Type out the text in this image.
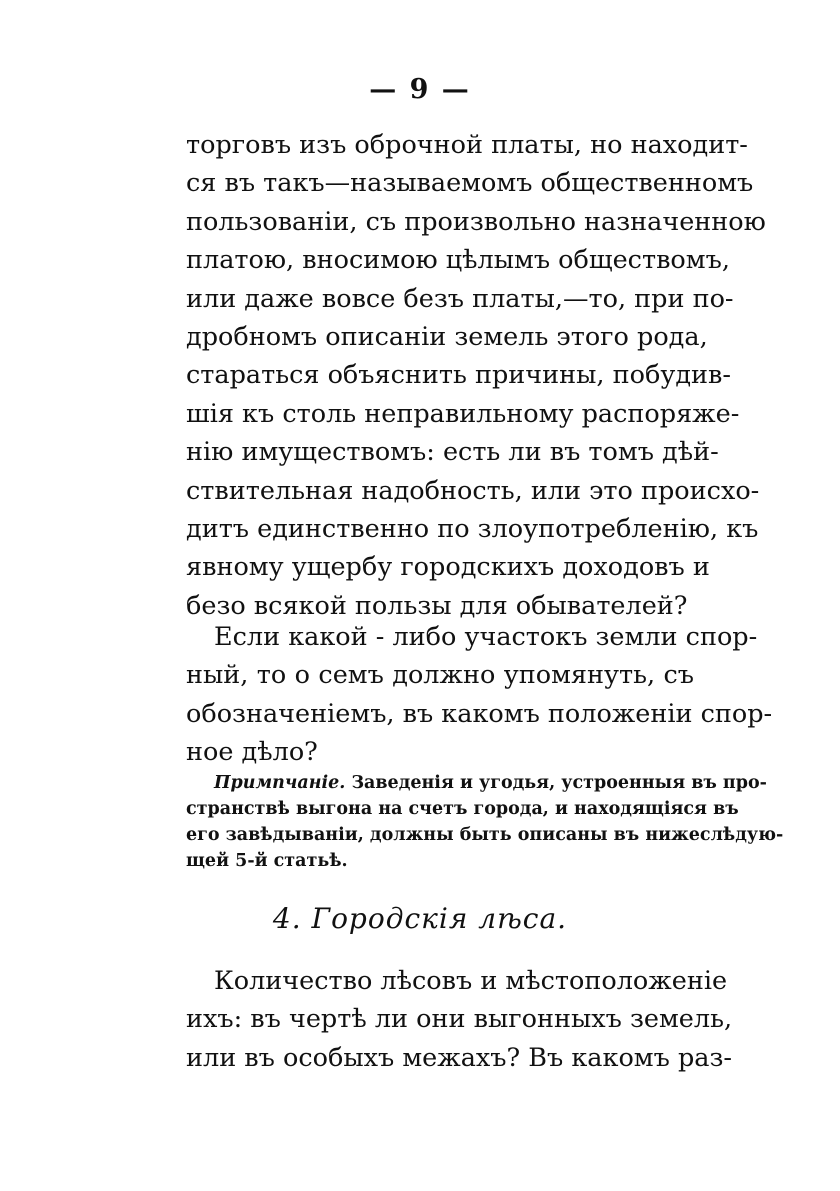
— 9 —
торговъ изъ оброчной платы, но находит-
ся въ такъ—называемомъ общественномъ
пользованіи, съ произвольно назначенною
платою, вносимою цѣлымъ обществомъ,
или даже вовсе безъ платы,—то, при по-
дробномъ описаніи земель этого рода,
стараться объяснить причины, побудив-
шія къ столь неправильному распоряже-
нію имуществомъ: есть ли въ томъ дѣй-
ствительная надобность, или это происхо-
дитъ единственно по злоупотребленію, къ
явному ущербу городскихъ доходовъ и
безо всякой пользы для обывателей?
Если какой - либо участокъ земли спор-
ный, то о семъ должно упомянуть, съ
обозначеніемъ, въ какомъ положеніи спор-
ное дѣло?
Примпчаніе. Заведенія и угодья, устроенныя въ про-
странствѣ выгона на счетъ города, и находящіяся въ
его завѣдываніи, должны быть описаны въ нижеслѣдую-
щей 5-й статьѣ.
4. Городскія лѣса.
Количество лѣсовъ и мѣстоположеніе
ихъ: въ чертѣ ли они выгонныхъ земель,
или въ особыхъ межахъ? Въ какомъ раз-
